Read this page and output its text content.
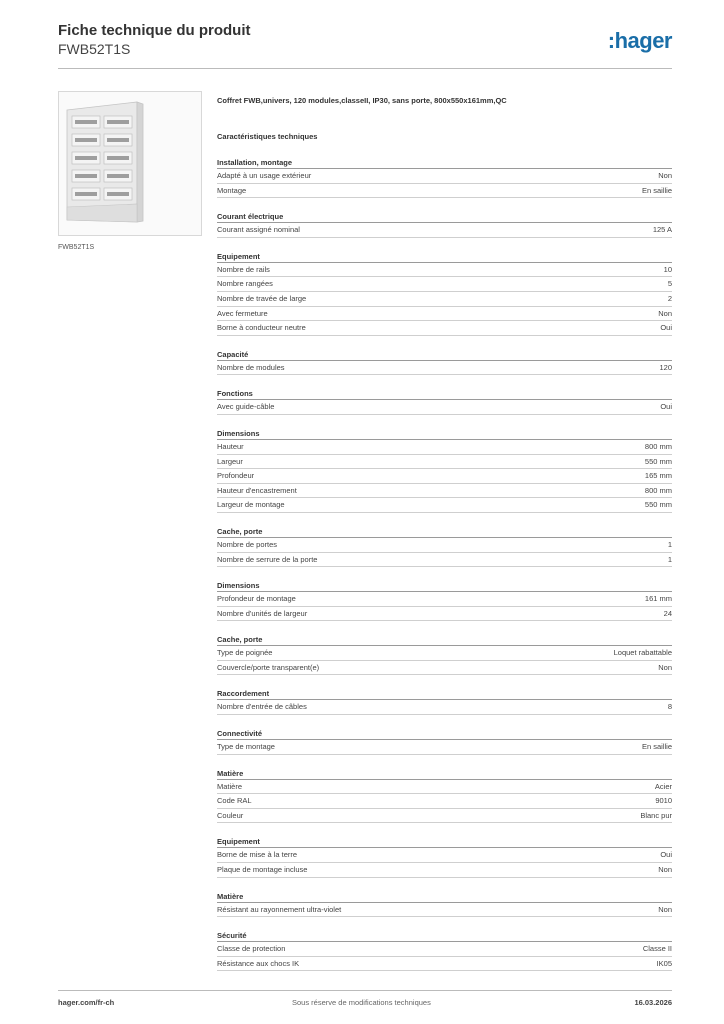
Fiche technique du produit
FWB52T1S	:hager
FWB52T1S
Coffret FWB,univers, 120 modules,classeII, IP30, sans porte, 800x550x161mm,QC
Caractéristiques techniques
Installation, montage
Adapté à un usage extérieur	Non
Montage	En saillie
Courant électrique
Courant assigné nominal	125 A
Equipement
Nombre de rails	10
Nombre rangées	5
Nombre de travée de large	2
Avec fermeture	Non
Borne à conducteur neutre	Oui
Capacité
Nombre de modules	120
Fonctions
Avec guide-câble	Oui
Dimensions
Hauteur	800 mm
Largeur	550 mm
Profondeur	165 mm
Hauteur d'encastrement	800 mm
Largeur de montage	550 mm
Cache, porte
Nombre de portes	1
Nombre de serrure de la porte	1
Dimensions
Profondeur de montage	161 mm
Nombre d'unités de largeur	24
Cache, porte
Type de poignée	Loquet rabattable
Couvercle/porte transparent(e)	Non
Raccordement
Nombre d'entrée de câbles	8
Connectivité
Type de montage	En saillie
Matière
Matière	Acier
Code RAL	9010
Couleur	Blanc pur
Equipement
Borne de mise à la terre	Oui
Plaque de montage incluse	Non
Matière
Résistant au rayonnement ultra-violet	Non
Sécurité
Classe de protection	Classe II
Résistance aux chocs IK	IK05
hager.com/fr-ch	Sous réserve de modifications techniques	16.03.2026
